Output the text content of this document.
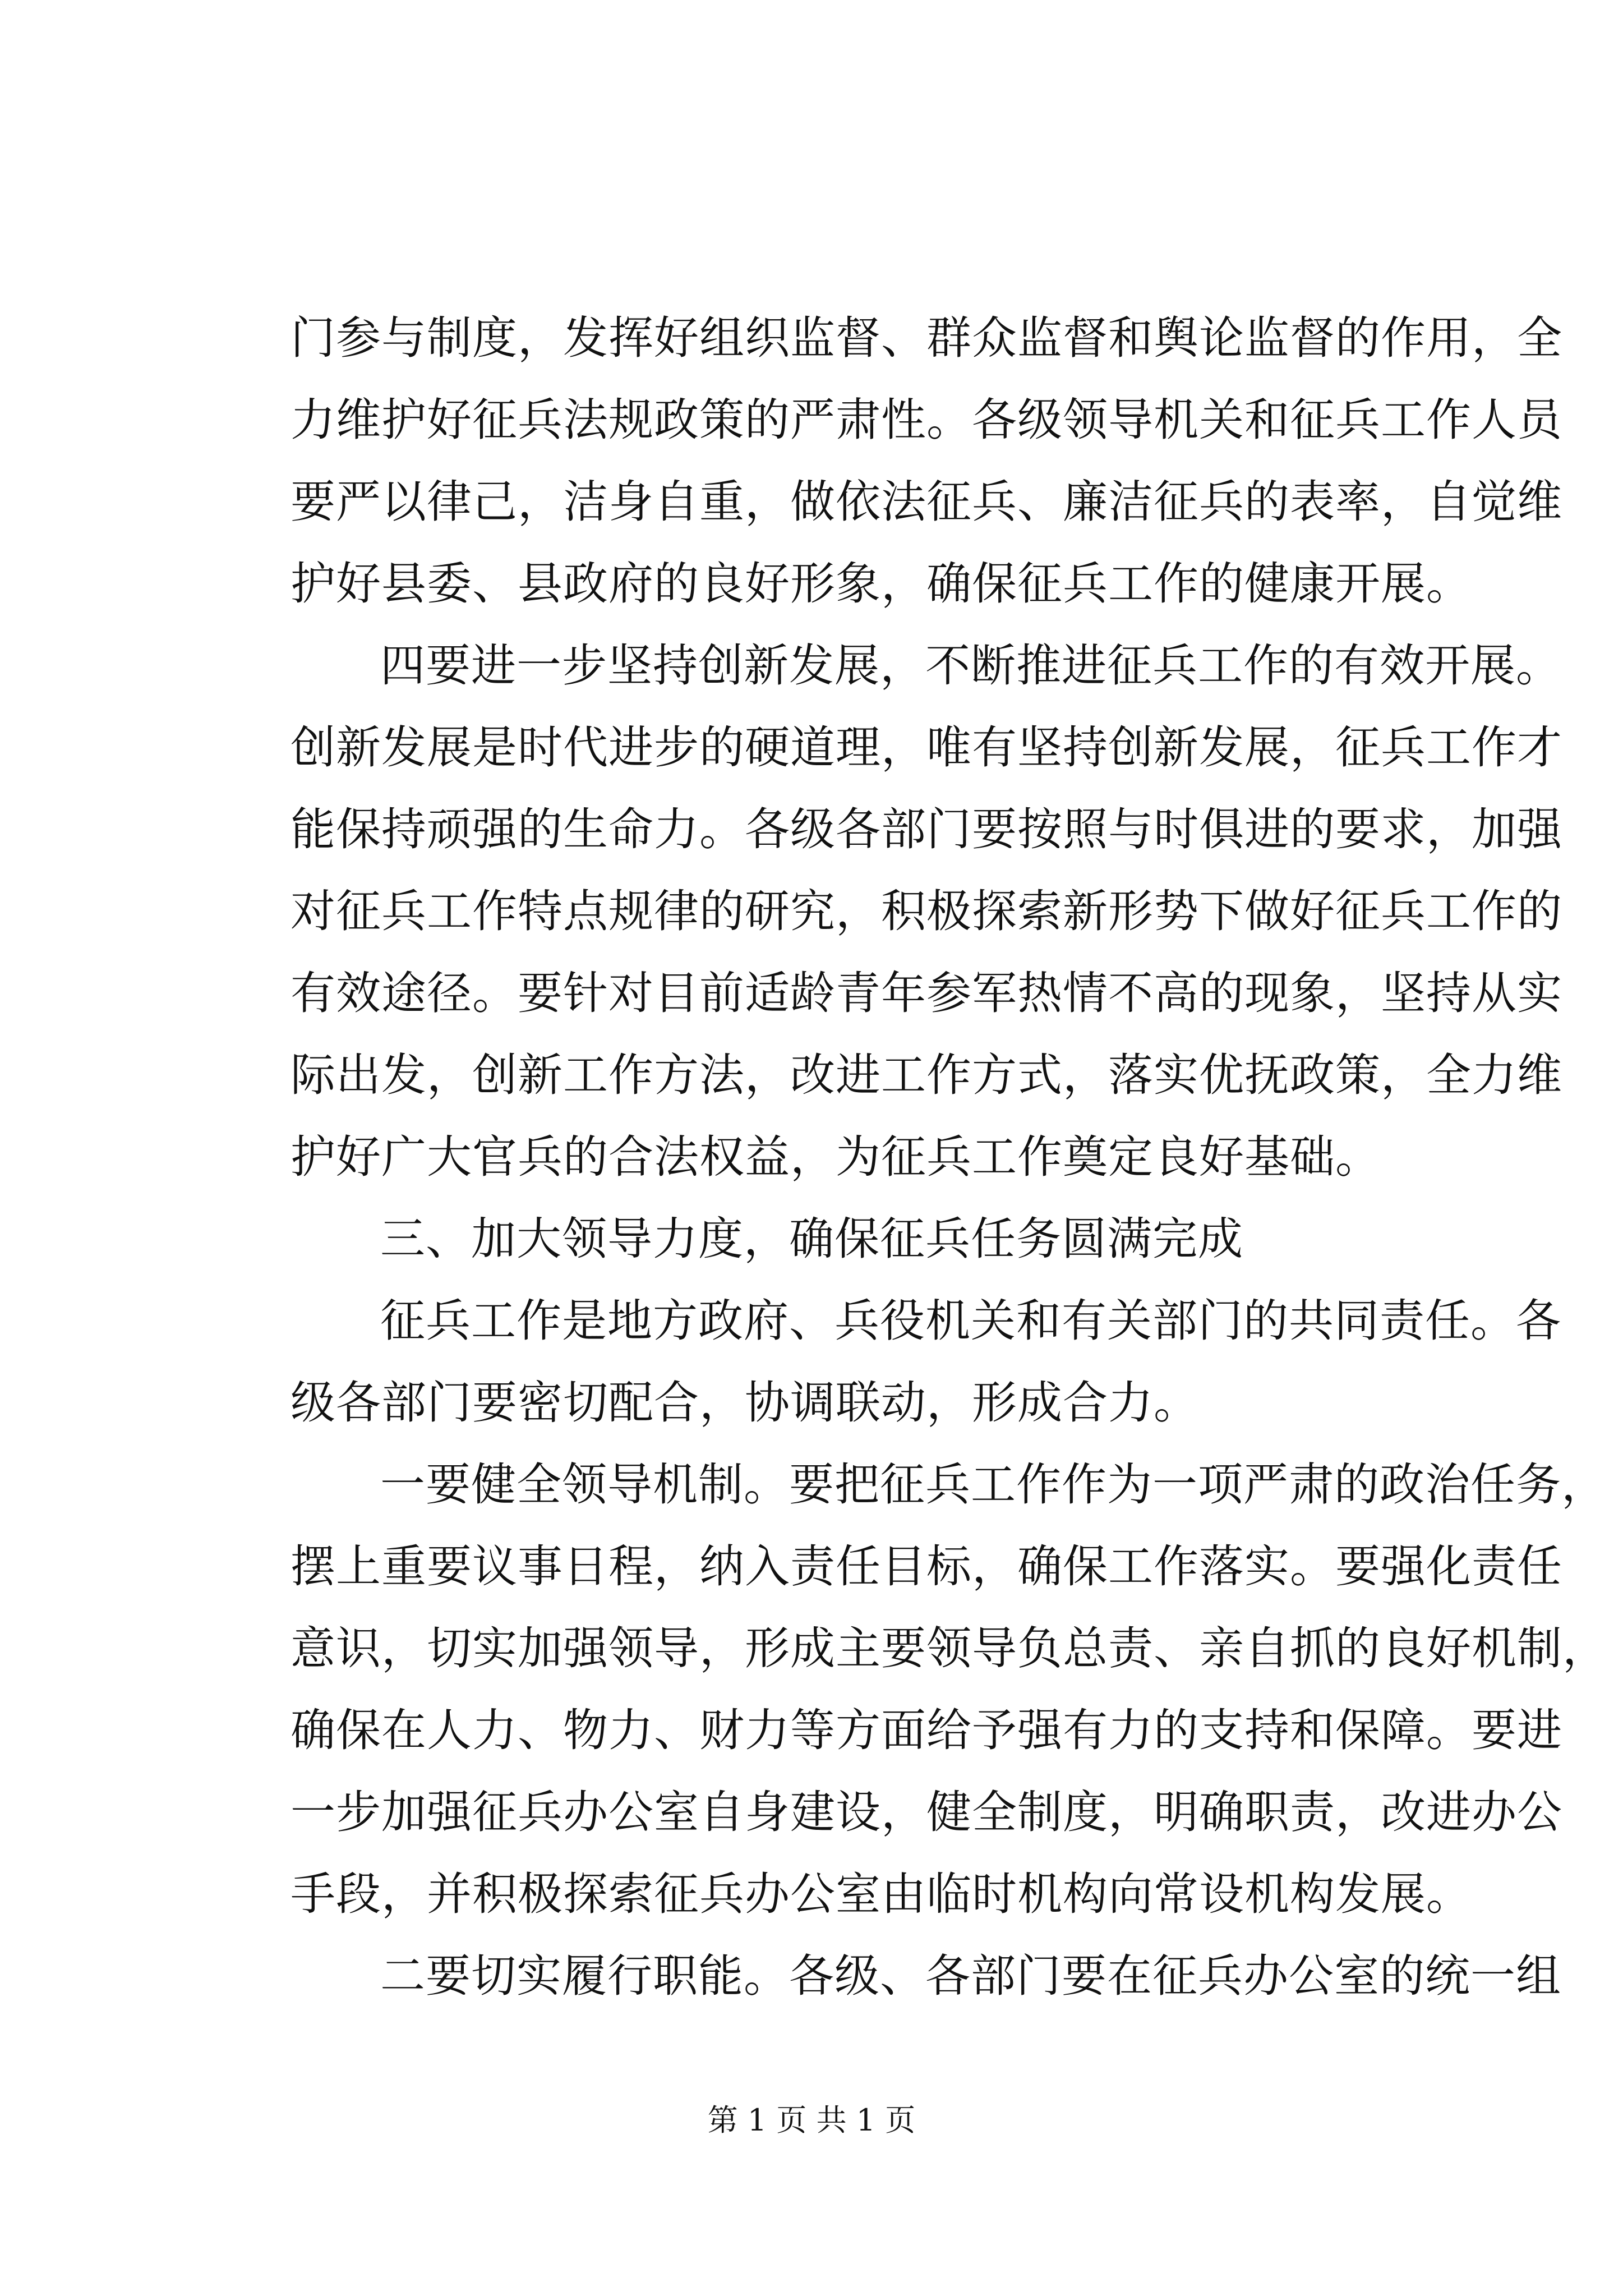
门参与制度，发挥好组织监督、群众监督和舆论监督的作用，全
力维护好征兵法规政策的严肃性。各级领导机关和征兵工作人员
要严以律己，洁身自重，做依法征兵、廉洁征兵的表率，自觉维
护好县委、县政府的良好形象，确保征兵工作的健康开展。
四要进一步坚持创新发展，不断推进征兵工作的有效开展。
创新发展是时代进步的硬道理，唯有坚持创新发展，征兵工作才
能保持顽强的生命力。各级各部门要按照与时俱进的要求，加强
对征兵工作特点规律的研究，积极探索新形势下做好征兵工作的
有效途径。要针对目前适龄青年参军热情不高的现象，坚持从实
际出发，创新工作方法，改进工作方式，落实优抚政策，全力维
护好广大官兵的合法权益，为征兵工作奠定良好基础。
三、加大领导力度，确保征兵任务圆满完成
征兵工作是地方政府、兵役机关和有关部门的共同责任。各
级各部门要密切配合，协调联动，形成合力。
一要健全领导机制。要把征兵工作作为一项严肃的政治任务，
摆上重要议事日程，纳入责任目标，确保工作落实。要强化责任
意识，切实加强领导，形成主要领导负总责、亲自抓的良好机制，
确保在人力、物力、财力等方面给予强有力的支持和保障。要进
一步加强征兵办公室自身建设，健全制度，明确职责，改进办公
手段，并积极探索征兵办公室由临时机构向常设机构发展。
二要切实履行职能。各级、各部门要在征兵办公室的统一组
第 1 页 共 1 页
